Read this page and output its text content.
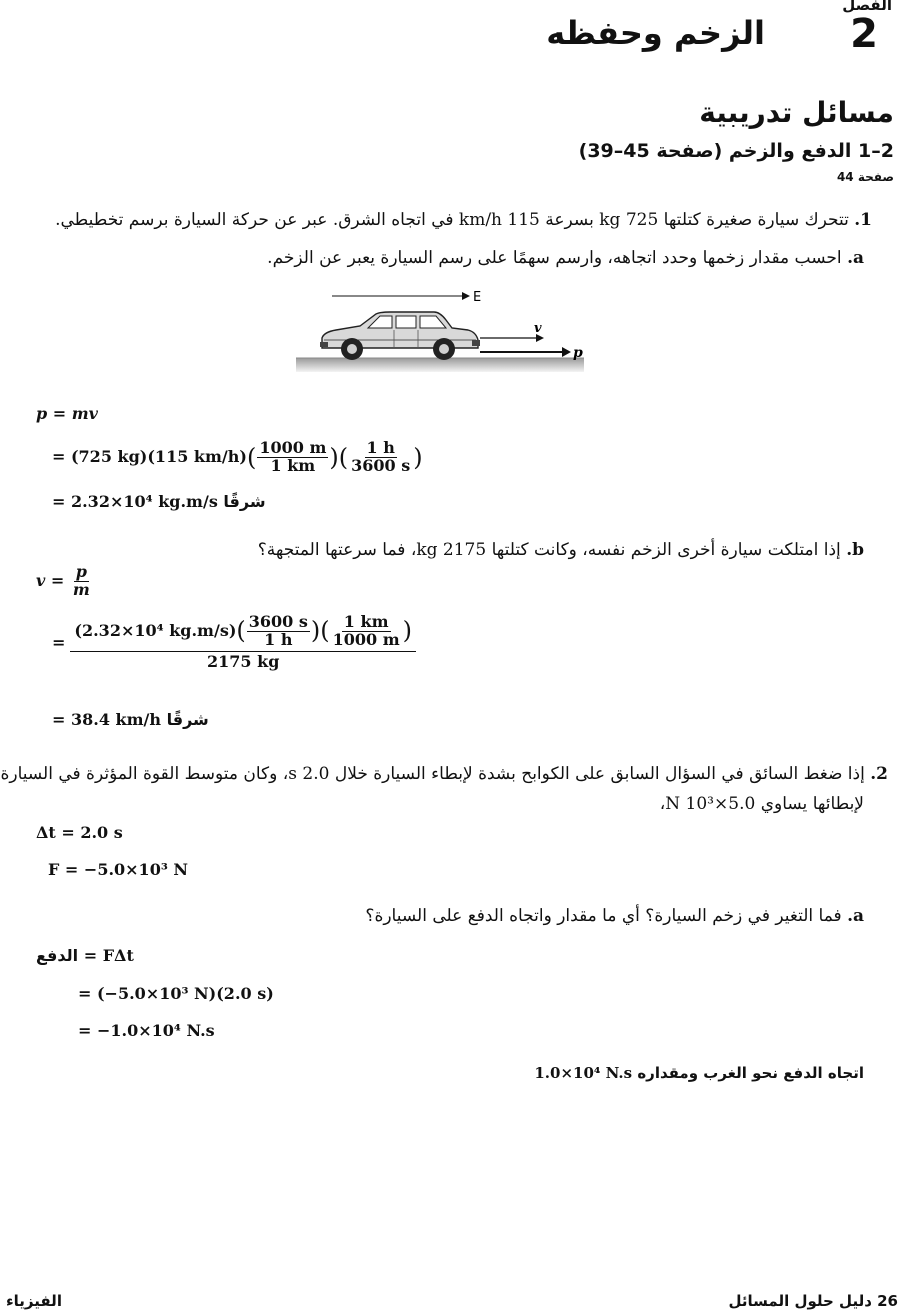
الفصل
2
الزخم وحفظه
مسائل تدريبية
2–1 الدفع والزخم (صفحة 45–39)
صفحة 44
1. تتحرك سيارة صغيرة كتلتها 725 kg بسرعة 115 km/h في اتجاه الشرق. عبر عن حركة السيارة برسم تخطيطي.
a. احسب مقدار زخمها وحدد اتجاهه، وارسم سهمًا على رسم السيارة يعبر عن الزخم.
E
v
p
p = mv
= (725 kg)(115 $km/h)( \frac{1000 m}{1 km}$ )( $\frac{1 h}{3600 s}$ )
= 2.32×10⁴ kg.m/s شرقًا
b. إذا امتلكت سيارة أخرى الزخم نفسه، وكانت كتلتها 2175 kg، فما سرعتها المتجهة؟
$v = \frac{p}{m}$
= $\frac{(2.32\times 10^4 kg.m/s)( \frac{3600 s}{1 h} )( \frac{1 km}{1000 m} )}{2175 kg}$
= 38.4 km/h شرقًا
2. إذا ضغط السائق في السؤال السابق على الكوابح بشدة لإبطاء السيارة خلال 2.0 s، وكان متوسط القوة المؤثرة في السيارة
لإبطائها يساوي 5.0×10³ N،
Δt = 2.0 s
F = −5.0×10³ N
a. فما التغير في زخم السيارة؟ أي ما مقدار واتجاه الدفع على السيارة؟
الدفع = FΔt
= (−5.0×10³ N)(2.0 s)
= −1.0×10⁴ N.s
اتجاه الدفع نحو الغرب ومقداره 1.0×10⁴ N.s
الفيزياء	26 دليل حلول المسائل
